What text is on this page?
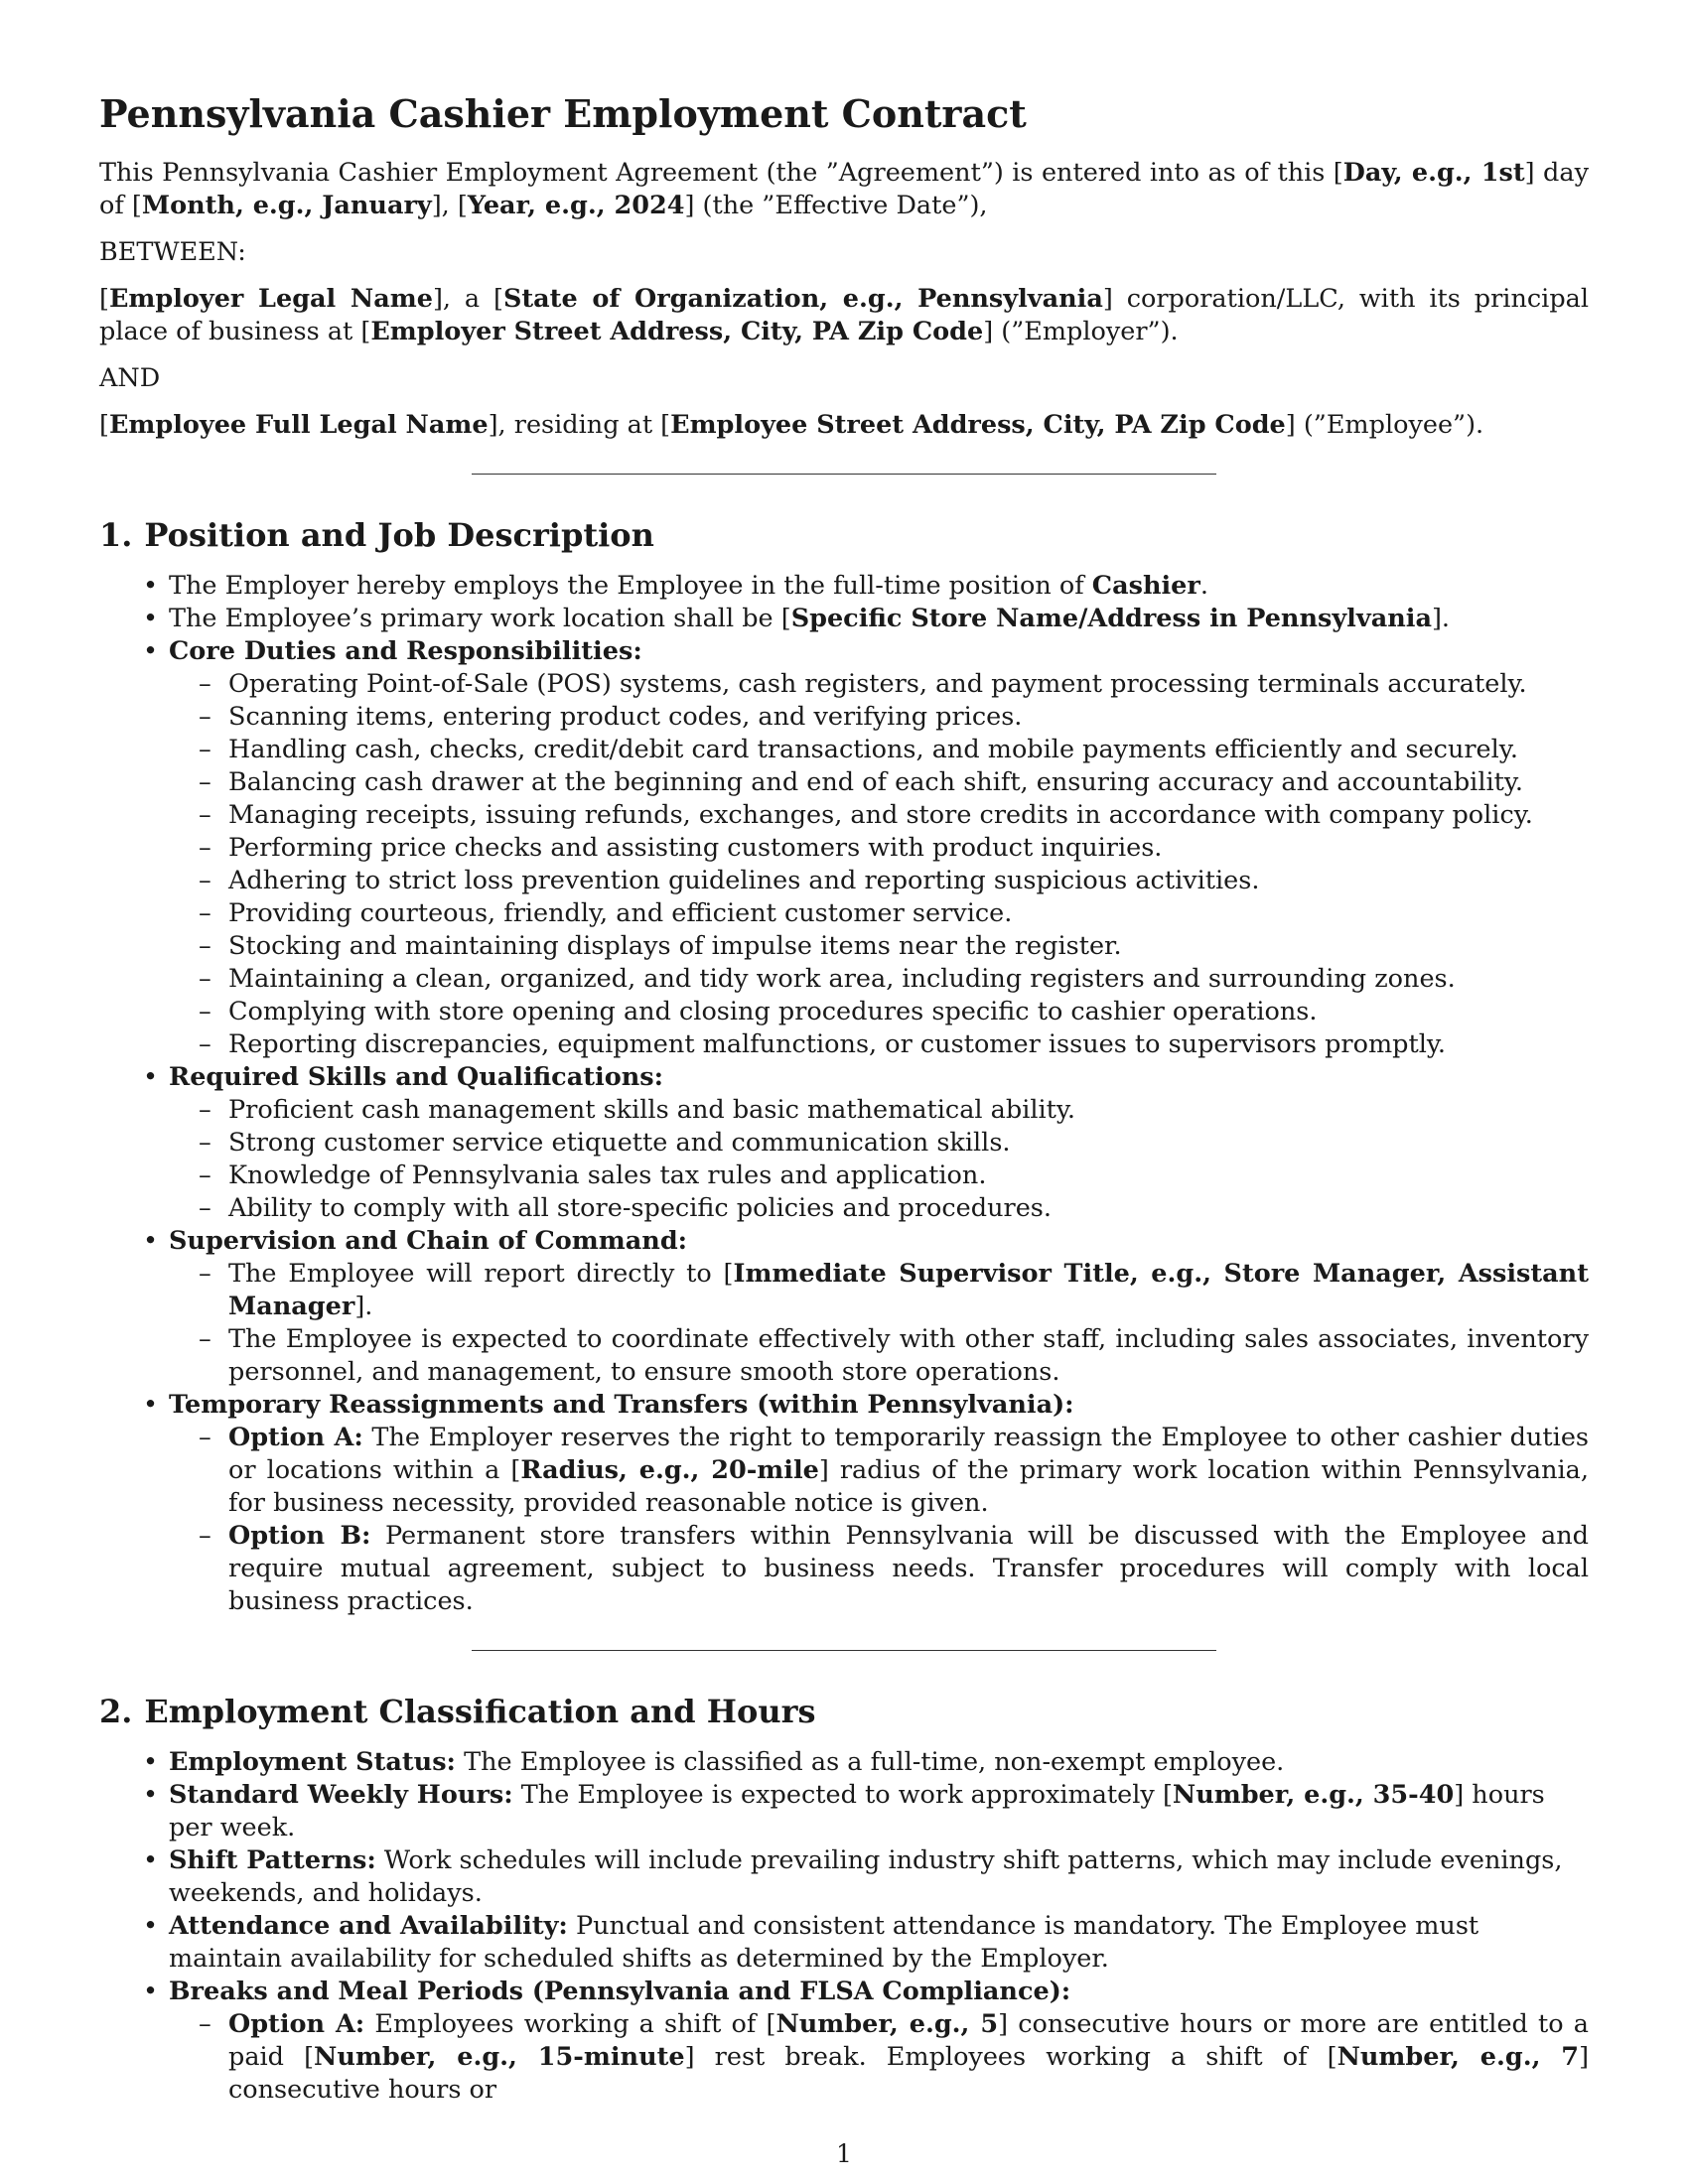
Pennsylvania Cashier Employment Contract

This Pennsylvania Cashier Employment Agreement (the ”Agreement”) is entered into as of this [Day, e.g., 1st] day of [Month, e.g., January], [Year, e.g., 2024] (the ”Effective Date”),

BETWEEN:

[Employer Legal Name], a [State of Organization, e.g., Pennsylvania] corporation/LLC, with its principal place of business at [Employer Street Address, City, PA Zip Code] (”Employer”).

AND

[Employee Full Legal Name], residing at [Employee Street Address, City, PA Zip Code] (”Employee”).

1. Position and Job Description
• The Employer hereby employs the Employee in the full-time position of Cashier.
• The Employee’s primary work location shall be [Specific Store Name/Address in Pennsylvania].
• Core Duties and Responsibilities:
– Operating Point-of-Sale (POS) systems, cash registers, and payment processing terminals accurately.
– Scanning items, entering product codes, and verifying prices.
– Handling cash, checks, credit/debit card transactions, and mobile payments efficiently and securely.
– Balancing cash drawer at the beginning and end of each shift, ensuring accuracy and accountability.
– Managing receipts, issuing refunds, exchanges, and store credits in accordance with company policy.
– Performing price checks and assisting customers with product inquiries.
– Adhering to strict loss prevention guidelines and reporting suspicious activities.
– Providing courteous, friendly, and efficient customer service.
– Stocking and maintaining displays of impulse items near the register.
– Maintaining a clean, organized, and tidy work area, including registers and surrounding zones.
– Complying with store opening and closing procedures specific to cashier operations.
– Reporting discrepancies, equipment malfunctions, or customer issues to supervisors promptly.
• Required Skills and Qualifications:
– Proficient cash management skills and basic mathematical ability.
– Strong customer service etiquette and communication skills.
– Knowledge of Pennsylvania sales tax rules and application.
– Ability to comply with all store-specific policies and procedures.
• Supervision and Chain of Command:
– The Employee will report directly to [Immediate Supervisor Title, e.g., Store Manager, Assistant Manager].
– The Employee is expected to coordinate effectively with other staff, including sales associates, inventory personnel, and management, to ensure smooth store operations.
• Temporary Reassignments and Transfers (within Pennsylvania):
– Option A: The Employer reserves the right to temporarily reassign the Employee to other cashier duties or locations within a [Radius, e.g., 20-mile] radius of the primary work location within Pennsylvania, for business necessity, provided reasonable notice is given.
– Option B: Permanent store transfers within Pennsylvania will be discussed with the Employee and require mutual agreement, subject to business needs. Transfer procedures will comply with local business practices.
2. Employment Classification and Hours
• Employment Status: The Employee is classified as a full-time, non-exempt employee.
• Standard Weekly Hours: The Employee is expected to work approximately [Number, e.g., 35-40] hours per week.
• Shift Patterns: Work schedules will include prevailing industry shift patterns, which may include evenings, weekends, and holidays.
• Attendance and Availability: Punctual and consistent attendance is mandatory. The Employee must maintain availability for scheduled shifts as determined by the Employer.
• Breaks and Meal Periods (Pennsylvania and FLSA Compliance):
– Option A: Employees working a shift of [Number, e.g., 5] consecutive hours or more are entitled to a paid [Number, e.g., 15-minute] rest break. Employees working a shift of [Number, e.g., 7] consecutive hours or
1
